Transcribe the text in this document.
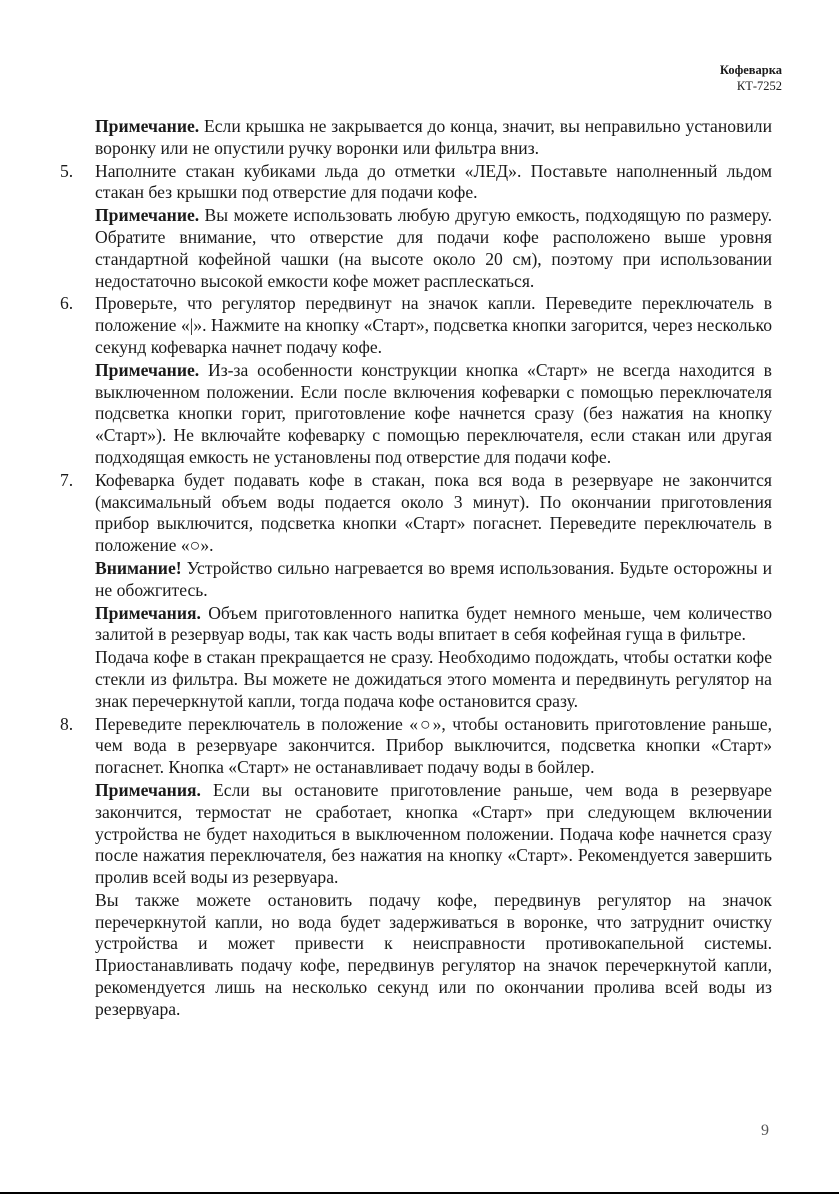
Кофеварка
КТ-7252
Примечание. Если крышка не закрывается до конца, значит, вы неправильно установили воронку или не опустили ручку воронки или фильтра вниз.
5.	Наполните стакан кубиками льда до отметки «ЛЕД». Поставьте наполненный льдом стакан без крышки под отверстие для подачи кофе.
Примечание. Вы можете использовать любую другую емкость, подходящую по размеру. Обратите внимание, что отверстие для подачи кофе расположено выше уровня стандартной кофейной чашки (на высоте около 20 см), поэтому при использовании недостаточно высокой емкости кофе может расплескаться.
6.	Проверьте, что регулятор передвинут на значок капли. Переведите переключатель в положение «|». Нажмите на кнопку «Старт», подсветка кнопки загорится, через несколько секунд кофеварка начнет подачу кофе.
Примечание. Из-за особенности конструкции кнопка «Старт» не всегда находится в выключенном положении. Если после включения кофеварки с помощью переключателя подсветка кнопки горит, приготовление кофе начнется сразу (без нажатия на кнопку «Старт»). Не включайте кофеварку с помощью переключателя, если стакан или другая подходящая емкость не установлены под отверстие для подачи кофе.
7.	Кофеварка будет подавать кофе в стакан, пока вся вода в резервуаре не закончится (максимальный объем воды подается около 3 минут). По окончании приготовления прибор выключится, подсветка кнопки «Старт» погаснет. Переведите переключатель в положение «○».
Внимание! Устройство сильно нагревается во время использования. Будьте осторожны и не обожгитесь.
Примечания. Объем приготовленного напитка будет немного меньше, чем количество залитой в резервуар воды, так как часть воды впитает в себя кофейная гуща в фильтре.
Подача кофе в стакан прекращается не сразу. Необходимо подождать, чтобы остатки кофе стекли из фильтра. Вы можете не дожидаться этого момента и передвинуть регулятор на знак перечеркнутой капли, тогда подача кофе остановится сразу.
8.	Переведите переключатель в положение «○», чтобы остановить приготовление раньше, чем вода в резервуаре закончится. Прибор выключится, подсветка кнопки «Старт» погаснет. Кнопка «Старт» не останавливает подачу воды в бойлер.
Примечания. Если вы остановите приготовление раньше, чем вода в резервуаре закончится, термостат не сработает, кнопка «Старт» при следующем включении устройства не будет находиться в выключенном положении. Подача кофе начнется сразу после нажатия переключателя, без нажатия на кнопку «Старт». Рекомендуется завершить пролив всей воды из резервуара.
Вы также можете остановить подачу кофе, передвинув регулятор на значок перечеркнутой капли, но вода будет задерживаться в воронке, что затруднит очистку устройства и может привести к неисправности противокапельной системы. Приостанавливать подачу кофе, передвинув регулятор на значок перечеркнутой капли, рекомендуется лишь на несколько секунд или по окончании пролива всей воды из резервуара.
9
